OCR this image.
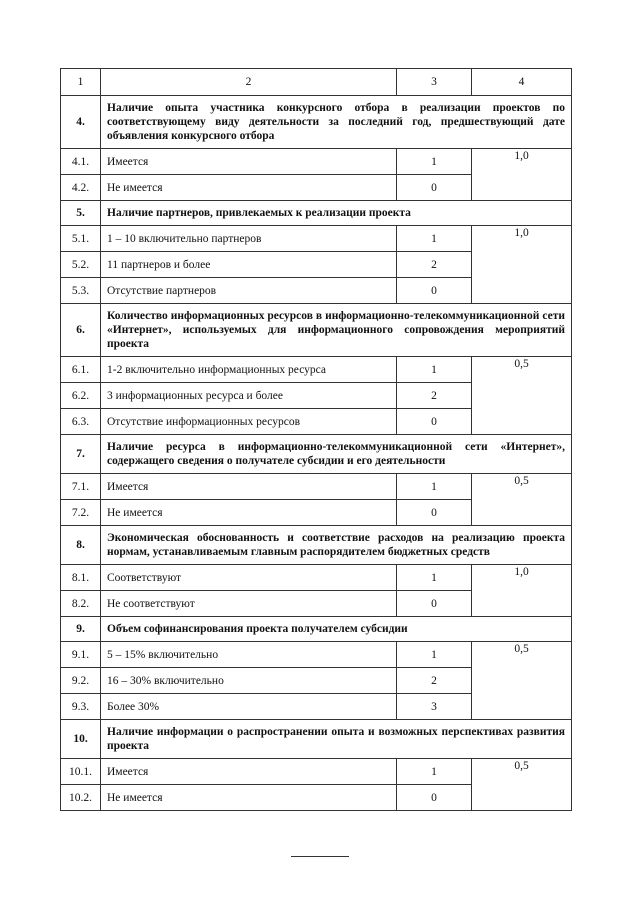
1	2	3	4
4.	Наличие опыта участника конкурсного отбора в реализации проектов по соответствующему виду деятельности за последний год, предшествующий дате объявления конкурсного отбора		
4.1.	Имеется	1	1,0
4.2.	Не имеется	0	
5.	Наличие партнеров, привлекаемых к реализации проекта		
5.1.	1 – 10 включительно партнеров	1	1,0
5.2.	11 партнеров и более	2	
5.3.	Отсутствие партнеров	0	
6.	Количество информационных ресурсов в информационно-телекоммуникационной сети «Интернет», используемых для информационного сопровождения мероприятий проекта		
6.1.	1-2 включительно информационных ресурса	1	0,5
6.2.	3 информационных ресурса и более	2	
6.3.	Отсутствие информационных ресурсов	0	
7.	Наличие ресурса в информационно-телекоммуникационной сети «Интернет», содержащего сведения о получателе субсидии и его деятельности		
7.1.	Имеется	1	0,5
7.2.	Не имеется	0	
8.	Экономическая обоснованность и соответствие расходов на реализацию проекта нормам, устанавливаемым главным распорядителем бюджетных средств		
8.1.	Соответствуют	1	1,0
8.2.	Не соответствуют	0	
9.	Объем софинансирования проекта получателем субсидии		
9.1.	5 – 15% включительно	1	0,5
9.2.	16 – 30% включительно	2	
9.3.	Более 30%	3	
10.	Наличие информации о распространении опыта и возможных перспективах развития проекта		
10.1.	Имеется	1	0,5
10.2.	Не имеется	0	
